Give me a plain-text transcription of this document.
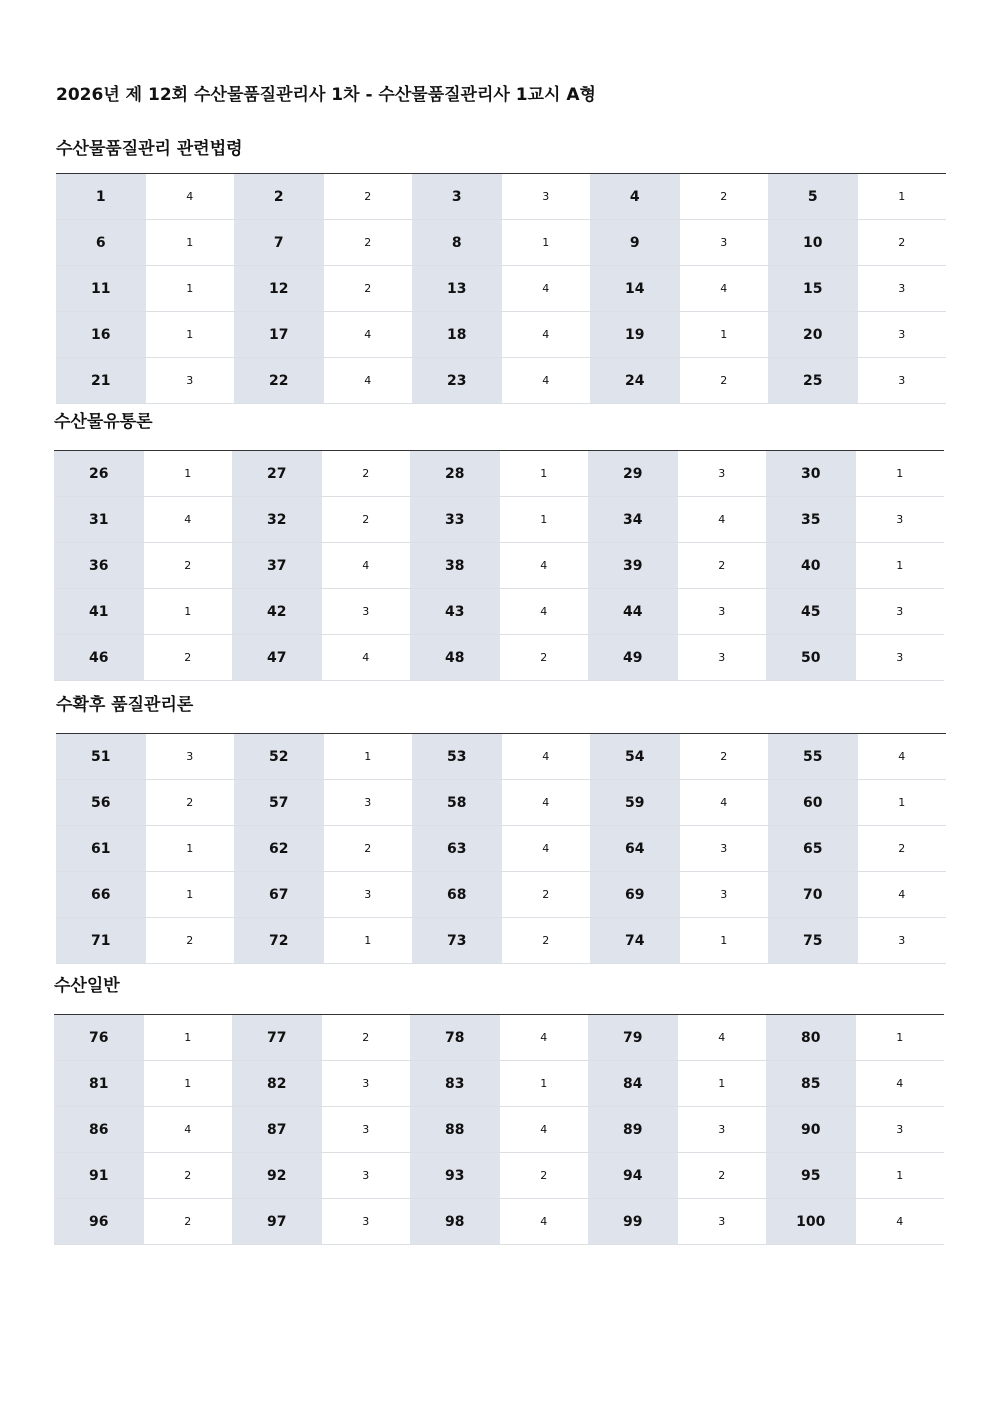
2026년 제 12회 수산물품질관리사 1차 - 수산물품질관리사 1교시 A형
수산물품질관리 관련법령
1	4	2	2	3	3	4	2	5	1
6	1	7	2	8	1	9	3	10	2
11	1	12	2	13	4	14	4	15	3
16	1	17	4	18	4	19	1	20	3
21	3	22	4	23	4	24	2	25	3
수산물유통론
26	1	27	2	28	1	29	3	30	1
31	4	32	2	33	1	34	4	35	3
36	2	37	4	38	4	39	2	40	1
41	1	42	3	43	4	44	3	45	3
46	2	47	4	48	2	49	3	50	3
수확후 품질관리론
51	3	52	1	53	4	54	2	55	4
56	2	57	3	58	4	59	4	60	1
61	1	62	2	63	4	64	3	65	2
66	1	67	3	68	2	69	3	70	4
71	2	72	1	73	2	74	1	75	3
수산일반
76	1	77	2	78	4	79	4	80	1
81	1	82	3	83	1	84	1	85	4
86	4	87	3	88	4	89	3	90	3
91	2	92	3	93	2	94	2	95	1
96	2	97	3	98	4	99	3	100	4
